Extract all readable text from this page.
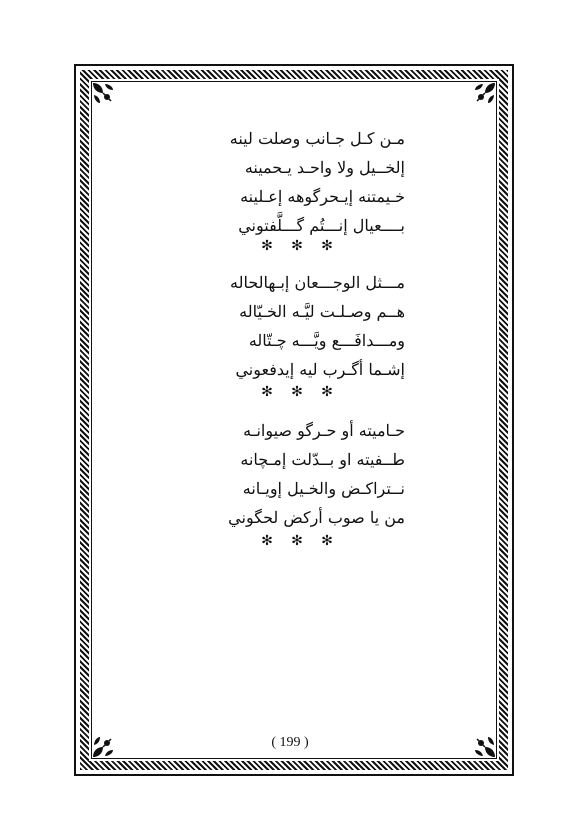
مـن كـل جـانب وصلت لينه
إلخــيل ولا واحـد يـحمينه
خـيمتنه إيـحرگوهه إعـلينه
بــــعيال إنـــتُم گـــلَّفتوني
✻ ✻ ✻
مـــثل الوجـــعان إبـهالحاله
هــم وصـلـت ليَّـه الخـيّاله
ومـــدافَـــع ويَّـــه چـتّاله
إشـما أگـرب ليه إيدفعوني
✻ ✻ ✻
حـاميته أو حـرگو صيوانـه
طــفيته او بــدّلت إمـچانه
نــتراكـض والخـيل إويـانه
من يا صوب أركض لحگوني
✻ ✻ ✻
( 199 )
